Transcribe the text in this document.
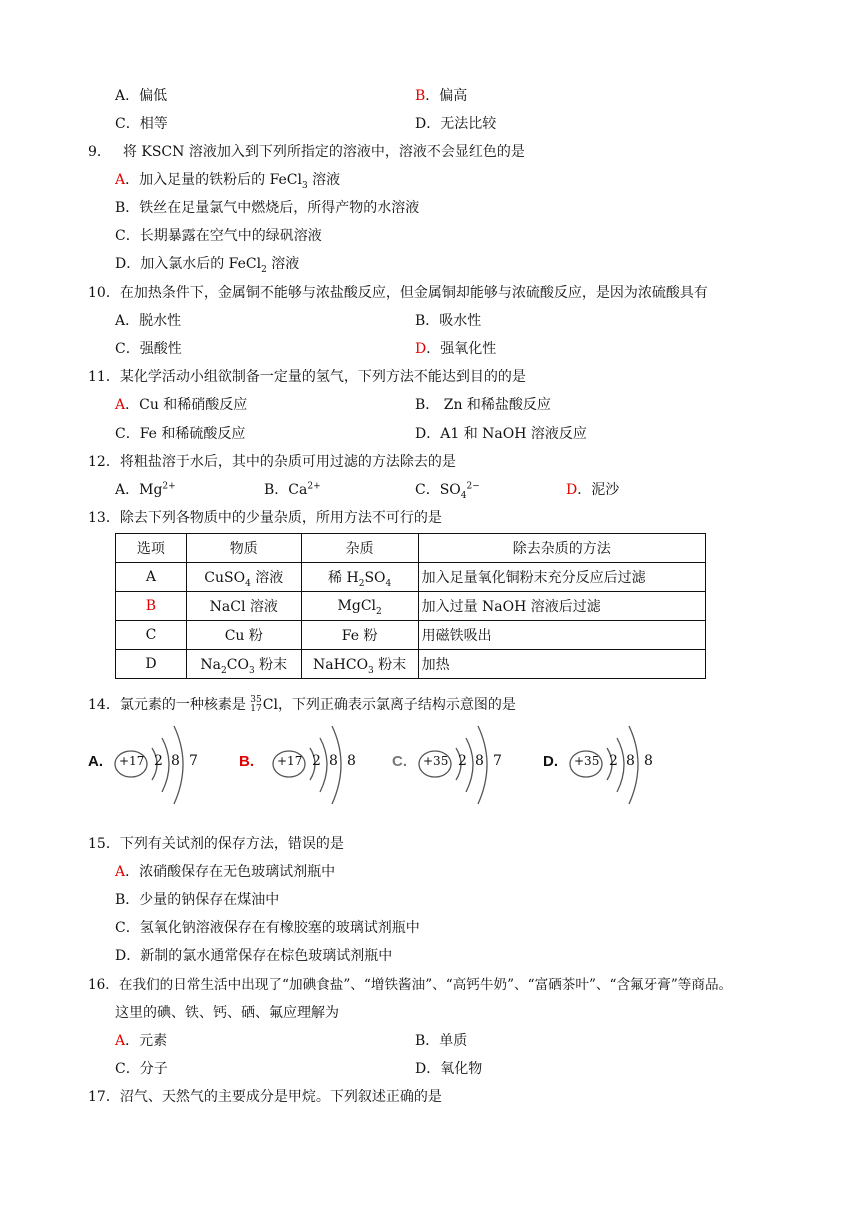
A．偏低	B．偏高
C．相等	D．无法比较
9． 将 KSCN 溶液加入到下列所指定的溶液中，溶液不会显红色的是
A．加入足量的铁粉后的 FeCl$_3$ 溶液
B．铁丝在足量氯气中燃烧后，所得产物的水溶液
C．长期暴露在空气中的绿矾溶液
D．加入氯水后的 FeCl$_2$ 溶液
10．在加热条件下，金属铜不能够与浓盐酸反应，但金属铜却能够与浓硫酸反应，是因为浓硫酸具有
A．脱水性	B．吸水性
C．强酸性	D．强氧化性
11．某化学活动小组欲制备一定量的氢气，下列方法不能达到目的的是
A．Cu 和稀硝酸反应	B． Zn 和稀盐酸反应
C．Fe 和稀硫酸反应	D．A1 和 NaOH 溶液反应
12．将粗盐溶于水后，其中的杂质可用过滤的方法除去的是
A．$Mg^{2+}$	B．$Ca^{2+}$	C．$SO_4^{2-}$	D．泥沙
13．除去下列各物质中的少量杂质，所用方法不可行的是
选项	物质	杂质	除去杂质的方法
A	CuSO$_4$ 溶液	稀 $H_2SO_4$	加入足量氧化铜粉末充分反应后过滤
B	NaCl 溶液	MgCl$_2$	加入过量 NaOH 溶液后过滤
C	Cu 粉	Fe 粉	用磁铁吸出
D	$Na_2CO_3$ 粉末	NaHCO$_3$ 粉末	加热
14．氯元素的一种核素是 35
17 Cl，下列正确表示氯离子结构示意图的是
A. +17 2 8 7	B. +17 2 8 8 C. +35 2 8 7	D. +35 2 8 8
15．下列有关试剂的保存方法，错误的是
A．浓硝酸保存在无色玻璃试剂瓶中
B．少量的钠保存在煤油中
C．氢氧化钠溶液保存在有橡胶塞的玻璃试剂瓶中
D．新制的氯水通常保存在棕色玻璃试剂瓶中
16．在我们的日常生活中出现了“加碘食盐”、“增铁酱油”、“高钙牛奶”、“富硒茶叶”、“含氟牙膏”等商品。
这里的碘、铁、钙、硒、氟应理解为
A．元素	B．单质
C．分子	D．氧化物
17．沼气、天然气的主要成分是甲烷。下列叙述正确的是
